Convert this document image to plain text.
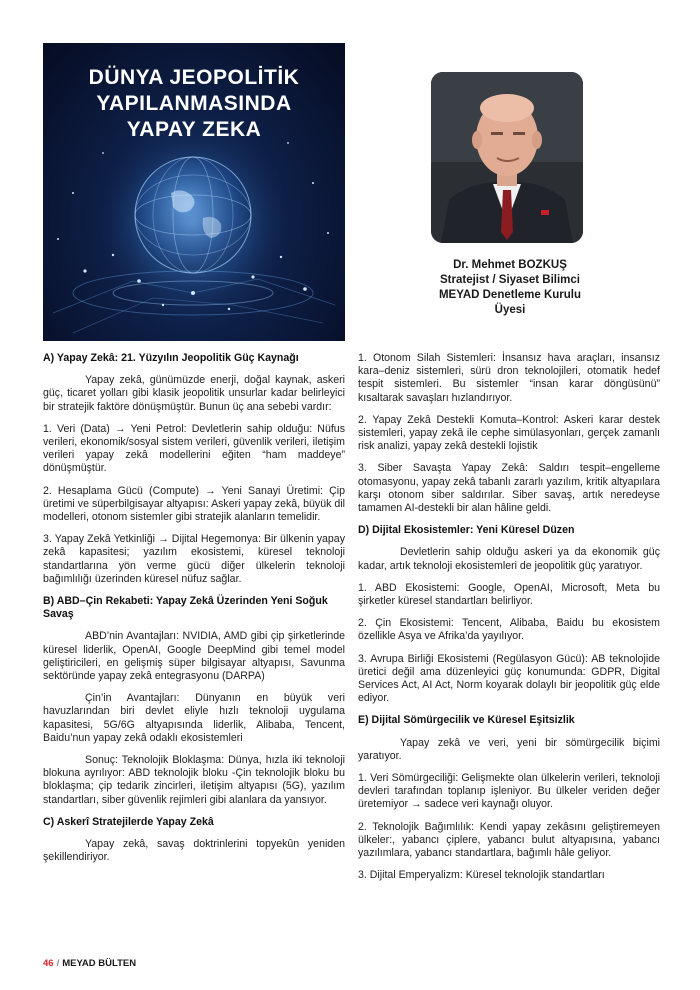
DÜNYA JEOPOLİTİK
YAPILANMASINDA
YAPAY ZEKA
Dr. Mehmet BOZKUŞ
Stratejist / Siyaset Bilimci
MEYAD Denetleme Kurulu
Üyesi
A) Yapay Zekâ: 21. Yüzyılın Jeopolitik Güç Kaynağı

Yapay zekâ, günümüzde enerji, doğal kaynak, askeri güç, ticaret yolları gibi klasik jeopolitik unsurlar kadar belirleyici bir stratejik faktöre dönüşmüştür. Bunun üç ana sebebi vardır:

1. Veri (Data) → Yeni Petrol: Devletlerin sahip olduğu: Nüfus verileri, ekonomik/sosyal sistem verileri, güvenlik verileri, iletişim verileri yapay zekâ modellerini eğiten “ham maddeye” dönüşmüştür.

2. Hesaplama Gücü (Compute) → Yeni Sanayi Üretimi: Çip üretimi ve süperbilgisayar altyapısı: Askeri yapay zekâ, büyük dil modelleri, otonom sistemler gibi stratejik alanların temelidir.

3. Yapay Zekâ Yetkinliği → Dijital Hegemonya: Bir ülkenin yapay zekâ kapasitesi; yazılım ekosistemi, küresel teknoloji standartlarına yön verme gücü diğer ülkelerin teknoloji bağımlılığı üzerinden küresel nüfuz sağlar.

B) ABD–Çin Rekabeti: Yapay Zekâ Üzerinden Yeni Soğuk Savaş

ABD’nin Avantajları: NVIDIA, AMD gibi çip şirketlerinde küresel liderlik, OpenAI, Google DeepMind gibi temel model geliştiricileri, en gelişmiş süper bilgisayar altyapısı, Savunma sektöründe yapay zekâ entegrasyonu (DARPA)

Çin’in Avantajları: Dünyanın en büyük veri havuzlarından biri devlet eliyle hızlı teknoloji uygulama kapasitesi, 5G/6G altyapısında liderlik, Alibaba, Tencent, Baidu’nun yapay zekâ odaklı ekosistemleri

Sonuç: Teknolojik Bloklaşma: Dünya, hızla iki teknoloji blokuna ayrılıyor: ABD teknolojik bloku -Çin teknolojik bloku bu bloklaşma; çip tedarik zincirleri, iletişim altyapısı (5G), yazılım standartları, siber güvenlik rejimleri gibi alanlara da yansıyor.

C) Askerî Stratejilerde Yapay Zekâ

Yapay zekâ, savaş doktrinlerini topyekûn yeniden şekillendiriyor.

1. Otonom Silah Sistemleri: İnsansız hava araçları, insansız kara–deniz sistemleri, sürü dron teknolojileri, otomatik hedef tespit sistemleri. Bu sistemler “insan karar döngüsünü” kısaltarak savaşları hızlandırıyor.

2. Yapay Zekâ Destekli Komuta–Kontrol: Askeri karar destek sistemleri, yapay zekâ ile cephe simülasyonları, gerçek zamanlı risk analizi, yapay zekâ destekli lojistik

3. Siber Savaşta Yapay Zekâ: Saldırı tespit–engelleme otomasyonu, yapay zekâ tabanlı zararlı yazılım, kritik altyapılara karşı otonom siber saldırılar. Siber savaş, artık neredeyse tamamen AI-destekli bir alan hâline geldi.

D) Dijital Ekosistemler: Yeni Küresel Düzen

Devletlerin sahip olduğu askeri ya da ekonomik güç kadar, artık teknoloji ekosistemleri de jeopolitik güç yaratıyor.

1. ABD Ekosistemi: Google, OpenAI, Microsoft, Meta bu şirketler küresel standartları belirliyor.

2. Çin Ekosistemi: Tencent, Alibaba, Baidu bu ekosistem özellikle Asya ve Afrika’da yayılıyor.

3. Avrupa Birliği Ekosistemi (Regülasyon Gücü): AB teknolojide üretici değil ama düzenleyici güç konumunda: GDPR, Digital Services Act, AI Act, Norm koyarak dolaylı bir jeopolitik güç elde ediyor.

E) Dijital Sömürgecilik ve Küresel Eşitsizlik

Yapay zekâ ve veri, yeni bir sömürgecilik biçimi yaratıyor.

1. Veri Sömürgeciliği: Gelişmekte olan ülkelerin verileri, teknoloji devleri tarafından toplanıp işleniyor. Bu ülkeler veriden değer üretemiyor → sadece veri kaynağı oluyor.

2. Teknolojik Bağımlılık: Kendi yapay zekâsını geliştiremeyen ülkeler:, yabancı çiplere, yabancı bulut altyapısına, yabancı yazılımlara, yabancı standartlara, bağımlı hâle geliyor.

3. Dijital Emperyalizm: Küresel teknolojik standartları

46 / MEYAD BÜLTEN
